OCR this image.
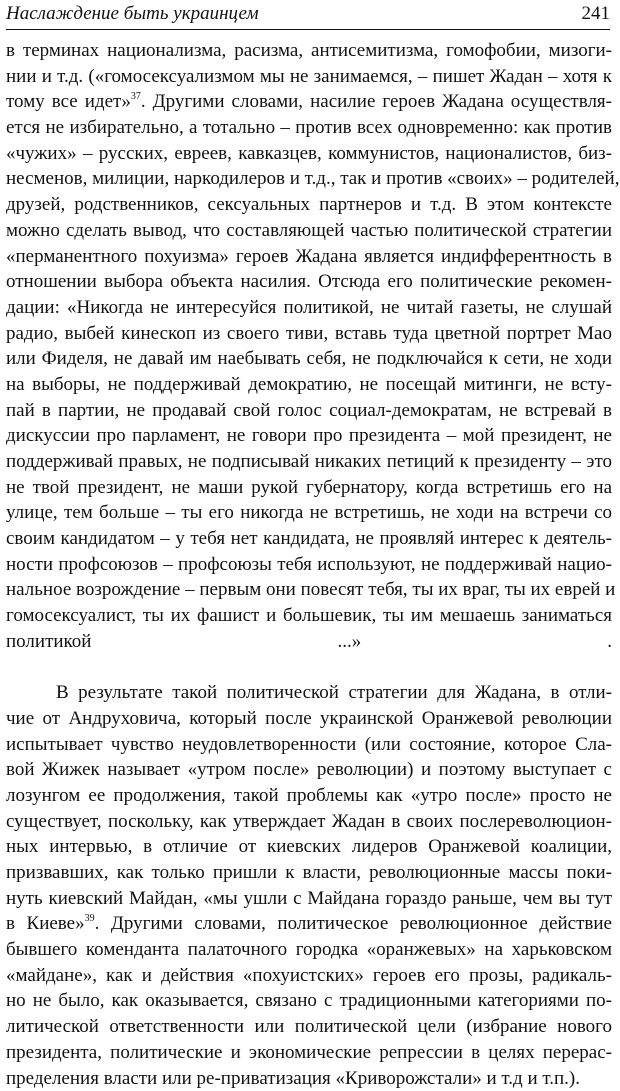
Наслаждение быть украинцем	241
в терминах национализма, расизма, антисемитизма, гомофобии, мизоги-
нии и т.д. («гомосексуализмом мы не занимаемся, – пишет Жадан – хотя к
тому все идет»$^{37}$. Другими словами, насилие героев Жадана осуществля-
ется не избирательно, а тотально – против всех одновременно: как против
«чужих» – русских, евреев, кавказцев, коммунистов, националистов, биз-
несменов, милиции, наркодилеров и т.д., так и против «своих» – родителей,
друзей, родственников, сексуальных партнеров и т.д. В этом контексте
можно сделать вывод, что составляющей частью политической стратегии
«перманентного похуизма» героев Жадана является индифферентность в
отношении выбора объекта насилия. Отсюда его политические рекомен-
дации: «Никогда не интересуйся политикой, не читай газеты, не слушай
радио, выбей кинескоп из своего тиви, вставь туда цветной портрет Мао
или Фиделя, не давай им наебывать себя, не подключайся к сети, не ходи
на выборы, не поддерживай демократию, не посещай митинги, не всту-
пай в партии, не продавай свой голос социал-демократам, не встревай в
дискуссии про парламент, не говори про президента – мой президент, не
поддерживай правых, не подписывай никаких петиций к президенту – это
не твой президент, не маши рукой губернатору, когда встретишь его на
улице, тем больше – ты его никогда не встретишь, не ходи на встречи со
своим кандидатом – у тебя нет кандидата, не проявляй интерес к деятель-
ности профсоюзов – профсоюзы тебя используют, не поддерживай нацио-
нальное возрождение – первым они повесят тебя, ты их враг, ты их еврей и
гомосексуалист, ты их фашист и большевик, ты им мешаешь заниматься
политикой ...» .
В результате такой политической стратегии для Жадана, в отли-
чие от Андруховича, который после украинской Оранжевой революции
испытывает чувство неудовлетворенности (или состояние, которое Сла-
вой Жижек называет «утром после» революции) и поэтому выступает с
лозунгом ее продолжения, такой проблемы как «утро после» просто не
существует, поскольку, как утверждает Жадан в своих послереволюцион-
ных интервью, в отличие от киевских лидеров Оранжевой коалиции,
призвавших, как только пришли к власти, революционные массы поки-
нуть киевский Майдан, «мы ушли с Майдана гораздо раньше, чем вы тут
в Киеве»$^{39}$. Другими словами, политическое революционное действие
бывшего коменданта палаточного городка «оранжевых» на харьковском
«майдане», как и действия «похуистских» героев его прозы, радикаль-
но не было, как оказывается, связано с традиционными категориями по-
литической ответственности или политической цели (избрание нового
президента, политические и экономические репрессии в целях перерас-
пределения власти или ре-приватизация «Криворожстали» и т.д и т.п.).
